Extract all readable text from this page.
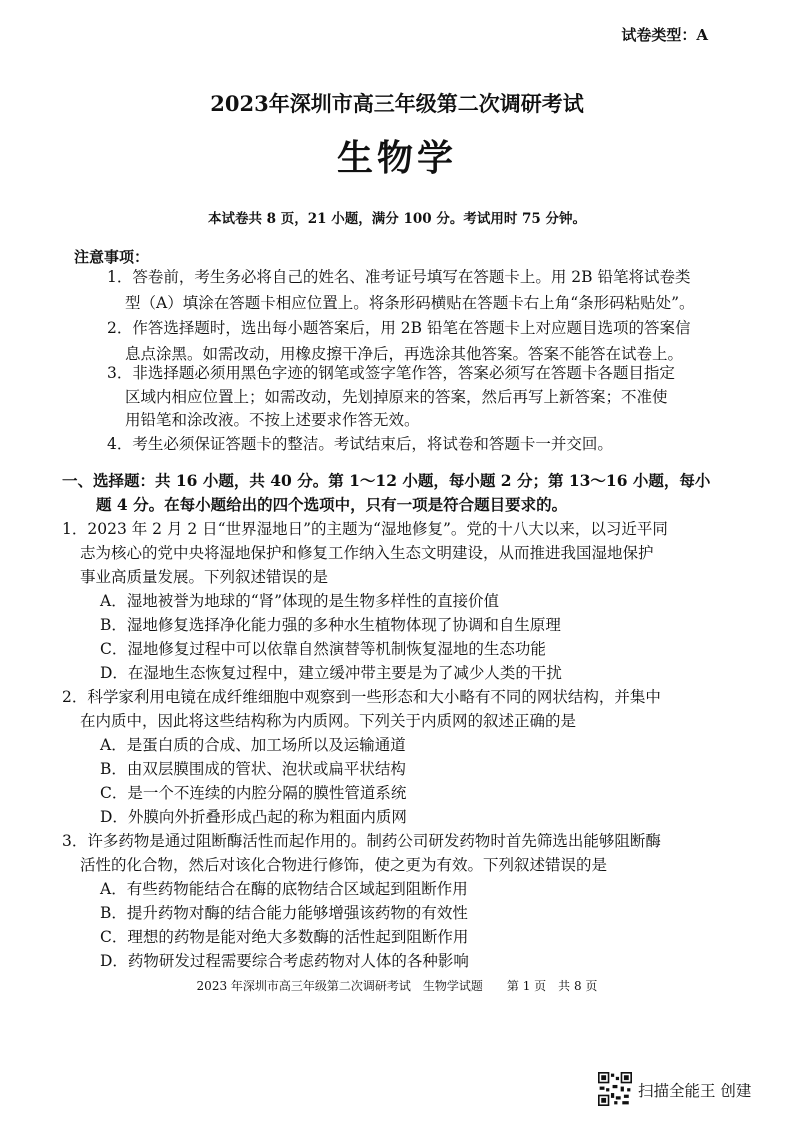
试卷类型：A
2023年深圳市高三年级第二次调研考试
生物学
本试卷共 8 页，21 小题，满分 100 分。考试用时 75 分钟。
注意事项：
1．答卷前，考生务必将自己的姓名、准考证号填写在答题卡上。用 2B 铅笔将试卷类
型（A）填涂在答题卡相应位置上。将条形码横贴在答题卡右上角“条形码粘贴处”。
2．作答选择题时，选出每小题答案后，用 2B 铅笔在答题卡上对应题目选项的答案信
息点涂黑。如需改动，用橡皮擦干净后，再选涂其他答案。答案不能答在试卷上。
3．非选择题必须用黑色字迹的钢笔或签字笔作答，答案必须写在答题卡各题目指定
区域内相应位置上；如需改动，先划掉原来的答案，然后再写上新答案；不准使
用铅笔和涂改液。不按上述要求作答无效。
4．考生必须保证答题卡的整洁。考试结束后，将试卷和答题卡一并交回。
一、选择题：共 16 小题，共 40 分。第 1～12 小题，每小题 2 分；第 13～16 小题，每小
题 4 分。在每小题给出的四个选项中，只有一项是符合题目要求的。
1．2023 年 2 月 2 日“世界湿地日”的主题为“湿地修复”。党的十八大以来，以习近平同
志为核心的党中央将湿地保护和修复工作纳入生态文明建设，从而推进我国湿地保护
事业高质量发展。下列叙述错误的是
A．湿地被誉为地球的“肾”体现的是生物多样性的直接价值
B．湿地修复选择净化能力强的多种水生植物体现了协调和自生原理
C．湿地修复过程中可以依靠自然演替等机制恢复湿地的生态功能
D．在湿地生态恢复过程中，建立缓冲带主要是为了减少人类的干扰
2．科学家利用电镜在成纤维细胞中观察到一些形态和大小略有不同的网状结构，并集中
在内质中，因此将这些结构称为内质网。下列关于内质网的叙述正确的是
A．是蛋白质的合成、加工场所以及运输通道
B．由双层膜围成的管状、泡状或扁平状结构
C．是一个不连续的内腔分隔的膜性管道系统
D．外膜向外折叠形成凸起的称为粗面内质网
3．许多药物是通过阻断酶活性而起作用的。制药公司研发药物时首先筛选出能够阻断酶
活性的化合物，然后对该化合物进行修饰，使之更为有效。下列叙述错误的是
A．有些药物能结合在酶的底物结合区域起到阻断作用
B．提升药物对酶的结合能力能够增强该药物的有效性
C．理想的药物是能对绝大多数酶的活性起到阻断作用
D．药物研发过程需要综合考虑药物对人体的各种影响
2023 年深圳市高三年级第二次调研考试　生物学试题　　第 1 页　共 8 页
扫描全能王 创建
